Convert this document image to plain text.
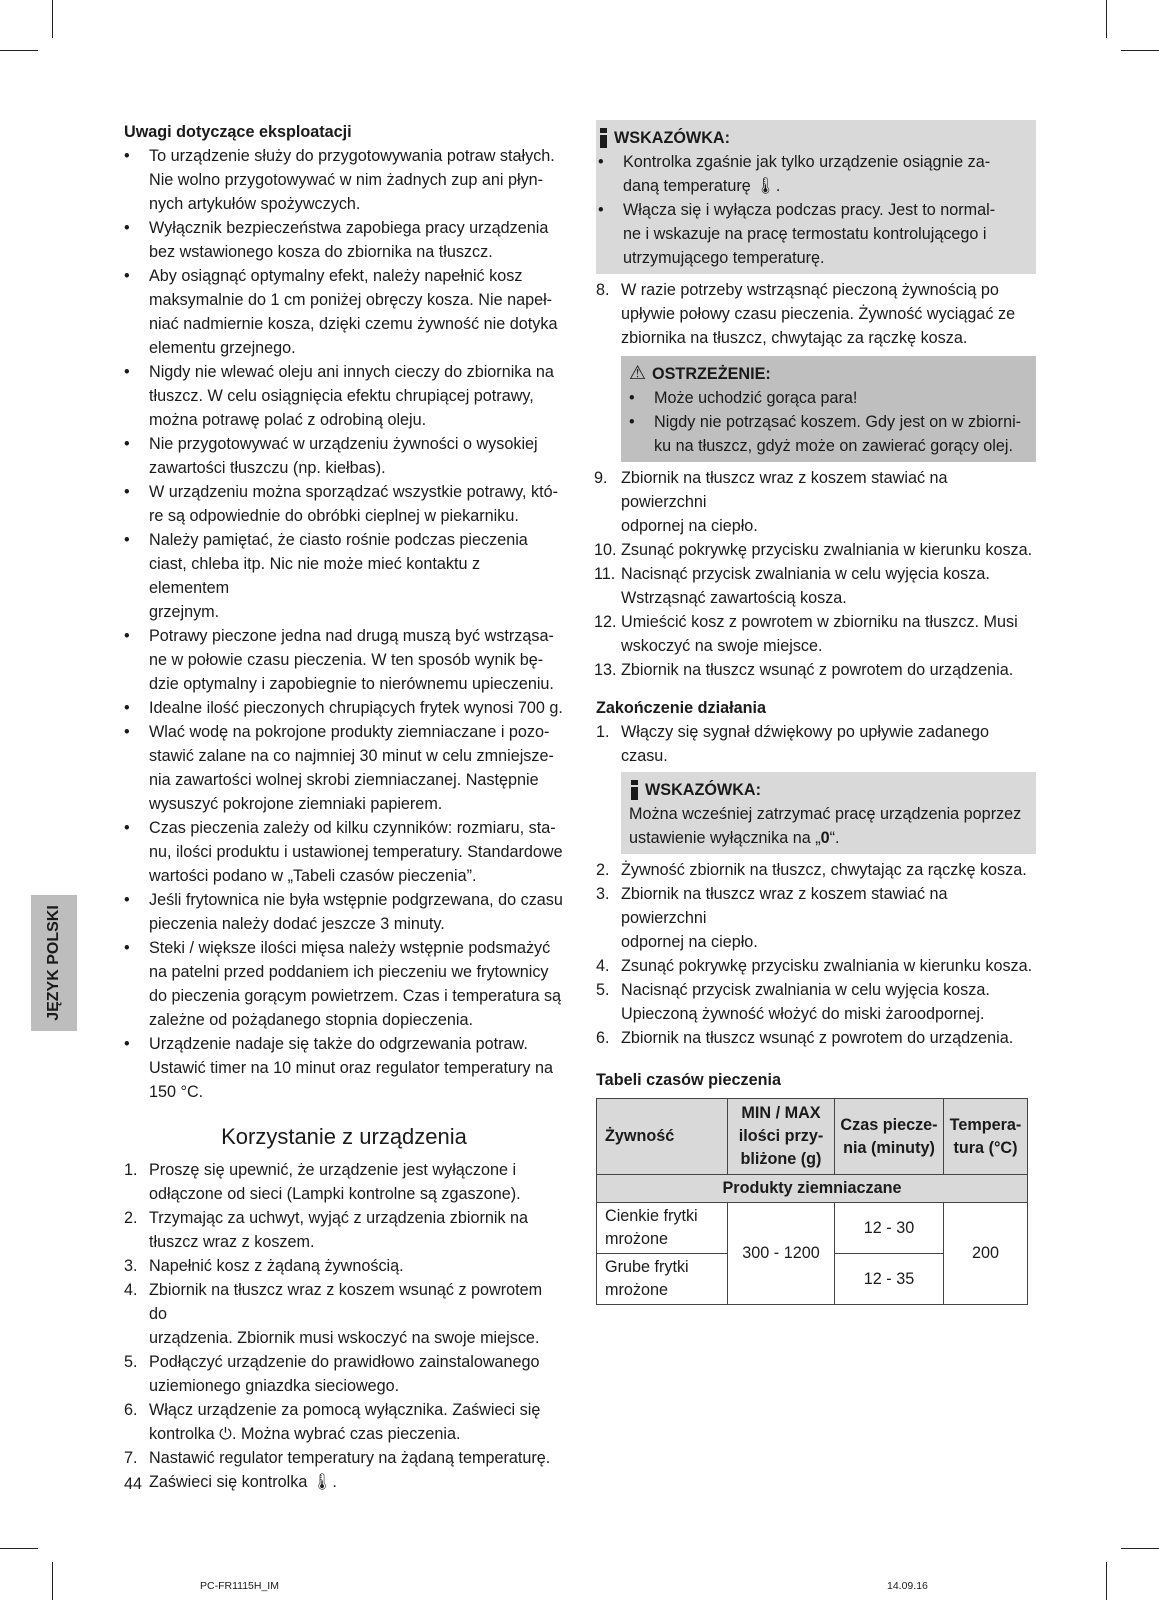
JĘZYK POLSKI
Uwagi dotyczące eksploatacji
• To urządzenie służy do przygotowywania potraw stałych.
Nie wolno przygotowywać w nim żadnych zup ani płyn-
nych artykułów spożywczych.
• Wyłącznik bezpieczeństwa zapobiega pracy urządzenia
bez wstawionego kosza do zbiornika na tłuszcz.
• Aby osiągnąć optymalny efekt, należy napełnić kosz
maksymalnie do 1 cm poniżej obręczy kosza. Nie napeł-
niać nadmiernie kosza, dzięki czemu żywność nie dotyka
elementu grzejnego.
• Nigdy nie wlewać oleju ani innych cieczy do zbiornika na
tłuszcz. W celu osiągnięcia efektu chrupiącej potrawy,
można potrawę polać z odrobiną oleju.
• Nie przygotowywać w urządzeniu żywności o wysokiej
zawartości tłuszczu (np. kiełbas).
• W urządzeniu można sporządzać wszystkie potrawy, któ-
re są odpowiednie do obróbki cieplnej w piekarniku.
• Należy pamiętać, że ciasto rośnie podczas pieczenia
ciast, chleba itp. Nic nie może mieć kontaktu z elementem
grzejnym.
• Potrawy pieczone jedna nad drugą muszą być wstrząsa-
ne w połowie czasu pieczenia. W ten sposób wynik bę-
dzie optymalny i zapobiegnie to nierównemu upieczeniu.
• Idealne ilość pieczonych chrupiących frytek wynosi 700 g.
• Wlać wodę na pokrojone produkty ziemniaczane i pozo-
stawić zalane na co najmniej 30 minut w celu zmniejsze-
nia zawartości wolnej skrobi ziemniaczanej. Następnie
wysuszyć pokrojone ziemniaki papierem.
• Czas pieczenia zależy od kilku czynników: rozmiaru, sta-
nu, ilości produktu i ustawionej temperatury. Standardowe
wartości podano w „Tabeli czasów pieczenia”.
• Jeśli frytownica nie była wstępnie podgrzewana, do czasu
pieczenia należy dodać jeszcze 3 minuty.
• Steki / większe ilości mięsa należy wstępnie podsmażyć
na patelni przed poddaniem ich pieczeniu we frytownicy
do pieczenia gorącym powietrzem. Czas i temperatura są
zależne od pożądanego stopnia dopieczenia.
• Urządzenie nadaje się także do odgrzewania potraw.
Ustawić timer na 10 minut oraz regulator temperatury na
150 °C.
Korzystanie z urządzenia
1. Proszę się upewnić, że urządzenie jest wyłączone i
odłączone od sieci (Lampki kontrolne są zgaszone).
2. Trzymając za uchwyt, wyjąć z urządzenia zbiornik na
tłuszcz wraz z koszem.
3. Napełnić kosz z żądaną żywnością.
4. Zbiornik na tłuszcz wraz z koszem wsunąć z powrotem do
urządzenia. Zbiornik musi wskoczyć na swoje miejsce.
5. Podłączyć urządzenie do prawidłowo zainstalowanego
uziemionego gniazdka sieciowego.
6. Włącz urządzenie za pomocą wyłącznika. Zaświeci się
kontrolka ⏻. Można wybrać czas pieczenia.
7. Nastawić regulator temperatury na żądaną temperaturę.
Zaświeci się kontrolka 🌡.
WSKAZÓWKA:
• Kontrolka zgaśnie jak tylko urządzenie osiągnie za-
daną temperaturę 🌡.
• Włącza się i wyłącza podczas pracy. Jest to normal-
ne i wskazuje na pracę termostatu kontrolującego i
utrzymującego temperaturę.
8. W razie potrzeby wstrząsnąć pieczoną żywnością po
upływie połowy czasu pieczenia. Żywność wyciągać ze
zbiornika na tłuszcz, chwytając za rączkę kosza.
⚠ OSTRZEŻENIE:
• Może uchodzić gorąca para!
• Nigdy nie potrząsać koszem. Gdy jest on w zbiorni-
ku na tłuszcz, gdyż może on zawierać gorący olej.
9. Zbiornik na tłuszcz wraz z koszem stawiać na powierzchni
odpornej na ciepło.
10. Zsunąć pokrywkę przycisku zwalniania w kierunku kosza.
11. Nacisnąć przycisk zwalniania w celu wyjęcia kosza.
Wstrząsnąć zawartością kosza.
12. Umieścić kosz z powrotem w zbiorniku na tłuszcz. Musi
wskoczyć na swoje miejsce.
13. Zbiornik na tłuszcz wsunąć z powrotem do urządzenia.
Zakończenie działania
1. Włączy się sygnał dźwiękowy po upływie zadanego czasu.
WSKAZÓWKA:
Można wcześniej zatrzymać pracę urządzenia poprzez
ustawienie wyłącznika na „0“.
2. Żywność zbiornik na tłuszcz, chwytając za rączkę kosza.
3. Zbiornik na tłuszcz wraz z koszem stawiać na powierzchni
odpornej na ciepło.
4. Zsunąć pokrywkę przycisku zwalniania w kierunku kosza.
5. Nacisnąć przycisk zwalniania w celu wyjęcia kosza.
Upieczoną żywność włożyć do miski żaroodpornej.
6. Zbiornik na tłuszcz wsunąć z powrotem do urządzenia.
Tabeli czasów pieczenia
Żywność	MIN / MAX
ilości przy-
bliżone (g)	Czas piecze-
nia (minuty)	Tempera-
tura (°C)
Produkty ziemniaczane			
Cienkie frytki
mrożone	300 - 1200	12 - 30	200
Grube frytki
mrożone		12 - 35	
44
PC-FR1115H_IM	14.09.16
